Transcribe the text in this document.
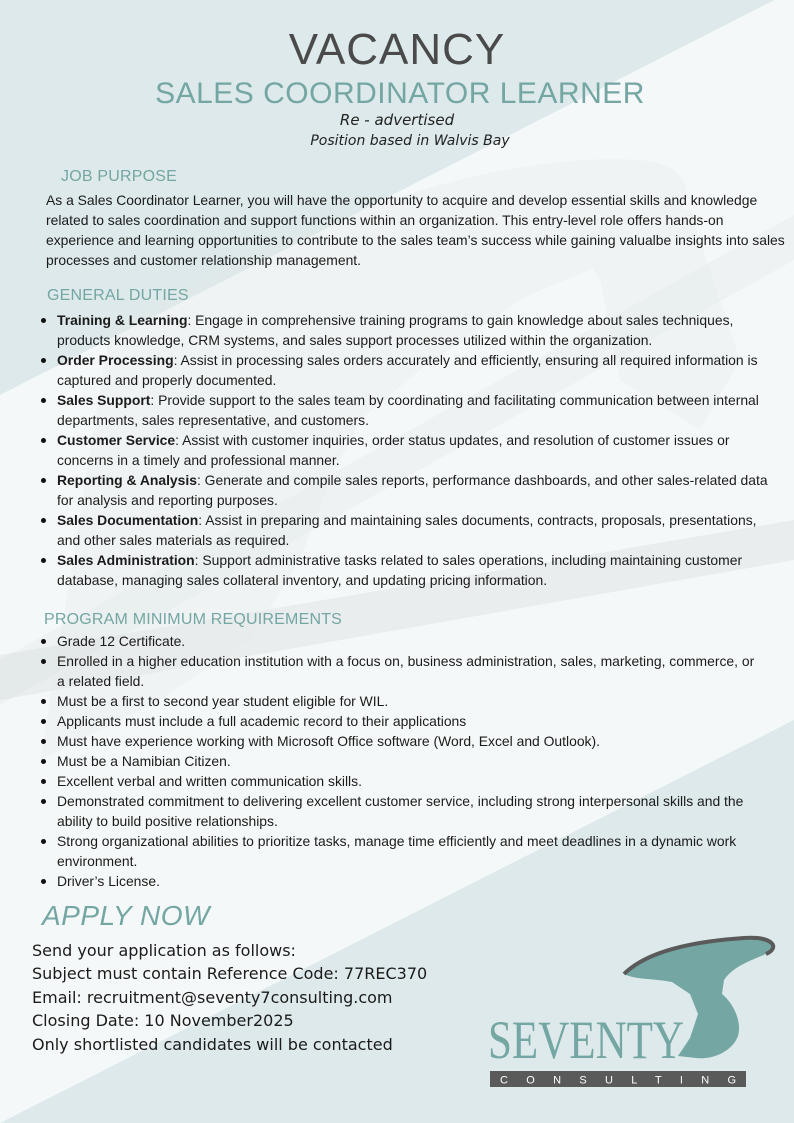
VACANCY
SALES COORDINATOR LEARNER
Re - advertised
Position based in Walvis Bay
JOB PURPOSE

As a Sales Coordinator Learner, you will have the opportunity to acquire and develop essential skills and knowledge related to sales coordination and support functions within an organization. This entry-level role offers hands-on experience and learning opportunities to contribute to the sales team’s success while gaining valualbe insights into sales processes and customer relationship management.

GENERAL DUTIES
Training & Learning: Engage in comprehensive training programs to gain knowledge about sales techniques, products knowledge, CRM systems, and sales support processes utilized within the organization.
Order Processing: Assist in processing sales orders accurately and efficiently, ensuring all required information is captured and properly documented.
Sales Support: Provide support to the sales team by coordinating and facilitating communication between internal departments, sales representative, and customers.
Customer Service: Assist with customer inquiries, order status updates, and resolution of customer issues or concerns in a timely and professional manner.
Reporting & Analysis: Generate and compile sales reports, performance dashboards, and other sales-related data for analysis and reporting purposes.
Sales Documentation: Assist in preparing and maintaining sales documents, contracts, proposals, presentations, and other sales materials as required.
Sales Administration: Support administrative tasks related to sales operations, including maintaining customer database, managing sales collateral inventory, and updating pricing information.
PROGRAM MINIMUM REQUIREMENTS
Grade 12 Certificate.
Enrolled in a higher education institution with a focus on, business administration, sales, marketing, commerce, or a related field.
Must be a first to second year student eligible for WIL.
Applicants must include a full academic record to their applications
Must have experience working with Microsoft Office software (Word, Excel and Outlook).
Must be a Namibian Citizen.
Excellent verbal and written communication skills.
Demonstrated commitment to delivering excellent customer service, including strong interpersonal skills and the ability to build positive relationships.
Strong organizational abilities to prioritize tasks, manage time efficiently and meet deadlines in a dynamic work environment.
Driver’s License.
APPLY NOW
Send your application as follows:
Subject must contain Reference Code: 77REC370
Email: recruitment@seventy7consulting.com
Closing Date: 10 November2025
Only shortlisted candidates will be contacted	SEVENTY
C O N S U L T I N G
